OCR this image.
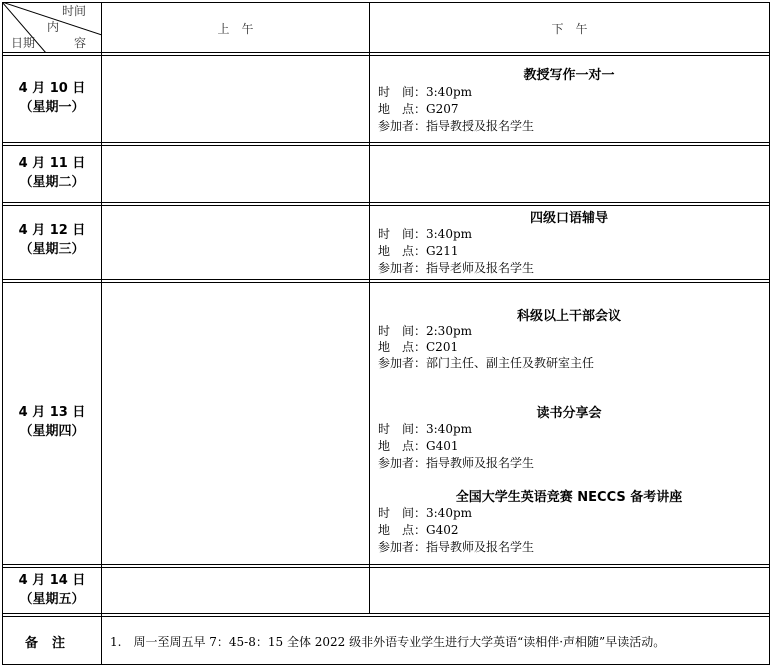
时间
内
容
日期
上　午	下　午
4 月 10 日
（星期一）
4 月 11 日
（星期二）
4 月 12 日
（星期三）
4 月 13 日
（星期四）
4 月 14 日
（星期五）
教授写作一对一
时　间：3:40pm
地　点：G207
参加者：指导教授及报名学生
四级口语辅导
时　间：3:40pm
地　点：G211
参加者：指导老师及报名学生
科级以上干部会议
时　间：2:30pm
地　点：C201
参加者：部门主任、副主任及教研室主任
读书分享会
时　间：3:40pm
地　点：G401
参加者：指导教师及报名学生
全国大学生英语竞赛 NECCS 备考讲座
时　间：3:40pm
地　点：G402
参加者：指导教师及报名学生
备注	1.　周一至周五早 7：45-8：15 全体 2022 级非外语专业学生进行大学英语“读相伴·声相随”早读活动。
